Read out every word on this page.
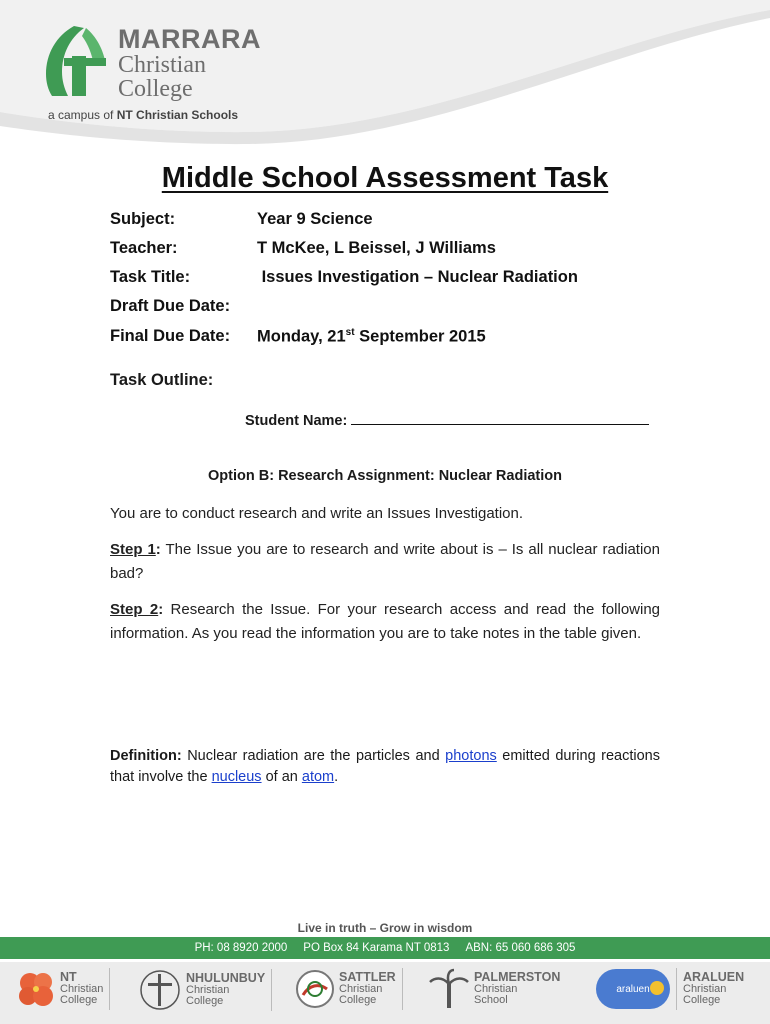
MARRARA
Christian
College
a campus of NT Christian Schools
Middle School Assessment Task
Subject:	Year 9 Science
Teacher:	T McKee, L Beissel, J Williams
Task Title:	Issues Investigation – Nuclear Radiation
Draft Due Date:
Final Due Date: Monday, 21st September 2015
Task Outline:
Student Name:
Option B: Research Assignment: Nuclear Radiation
You are to conduct research and write an Issues Investigation.
Step 1: The Issue you are to research and write about is – Is all nuclear radiation bad?
Step 2: Research the Issue. For your research access and read the following information. As you read the information you are to take notes in the table given.
Definition: Nuclear radiation are the particles and photons emitted during reactions that involve the nucleus of an atom.
Live in truth – Grow in wisdom
PH: 08 8920 2000	PO Box 84 Karama NT 0813	ABN: 65 060 686 305
NT
Christian
College
NHULUNBUY
Christian
College
SATTLER
Christian
College
PALMERSTON
Christian
School
araluen
ARALUEN
Christian
College
